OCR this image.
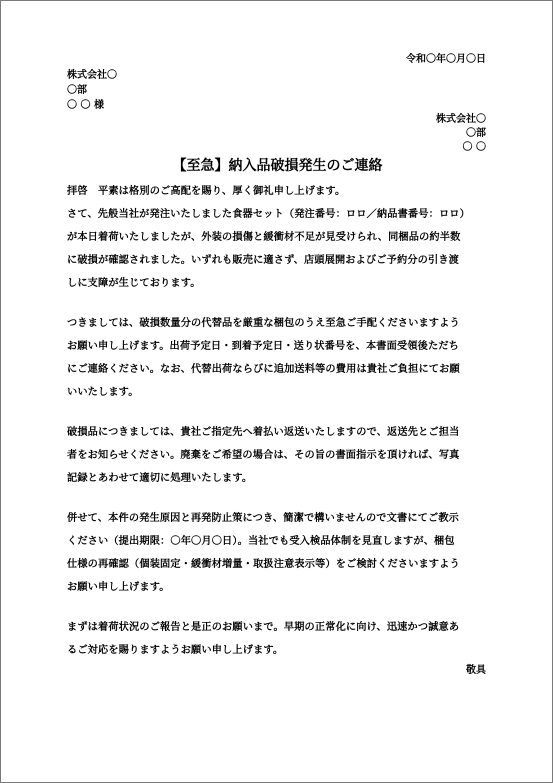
令和〇年〇月〇日
株式会社〇
〇部
〇 〇 様
株式会社〇
〇部
〇 〇
【至急】納入品破損発生のご連絡
拝啓　平素は格別のご高配を賜り、厚く御礼申し上げます。
さて、先般当社が発注いたしました食器セット（発注番号：ロロ／納品書番号：ロロ）
が本日着荷いたしましたが、外装の損傷と緩衝材不足が見受けられ、同梱品の約半数
に破損が確認されました。いずれも販売に適さず、店頭展開およびご予約分の引き渡
しに支障が生じております。
つきましては、破損数量分の代替品を厳重な梱包のうえ至急ご手配くださいますよう
お願い申し上げます。出荷予定日・到着予定日・送り状番号を、本書面受領後ただち
にご連絡ください。なお、代替出荷ならびに追加送料等の費用は貴社ご負担にてお願
いいたします。
破損品につきましては、貴社ご指定先へ着払い返送いたしますので、返送先とご担当
者をお知らせください。廃棄をご希望の場合は、その旨の書面指示を頂ければ、写真
記録とあわせて適切に処理いたします。
併せて、本件の発生原因と再発防止策につき、簡潔で構いませんので文書にてご教示
ください（提出期限：〇年〇月〇日）。当社でも受入検品体制を見直しますが、梱包
仕様の再確認（個装固定・緩衝材増量・取扱注意表示等）をご検討くださいますよう
お願い申し上げます。
まずは着荷状況のご報告と是正のお願いまで。早期の正常化に向け、迅速かつ誠意あ
るご対応を賜りますようお願い申し上げます。
敬具
